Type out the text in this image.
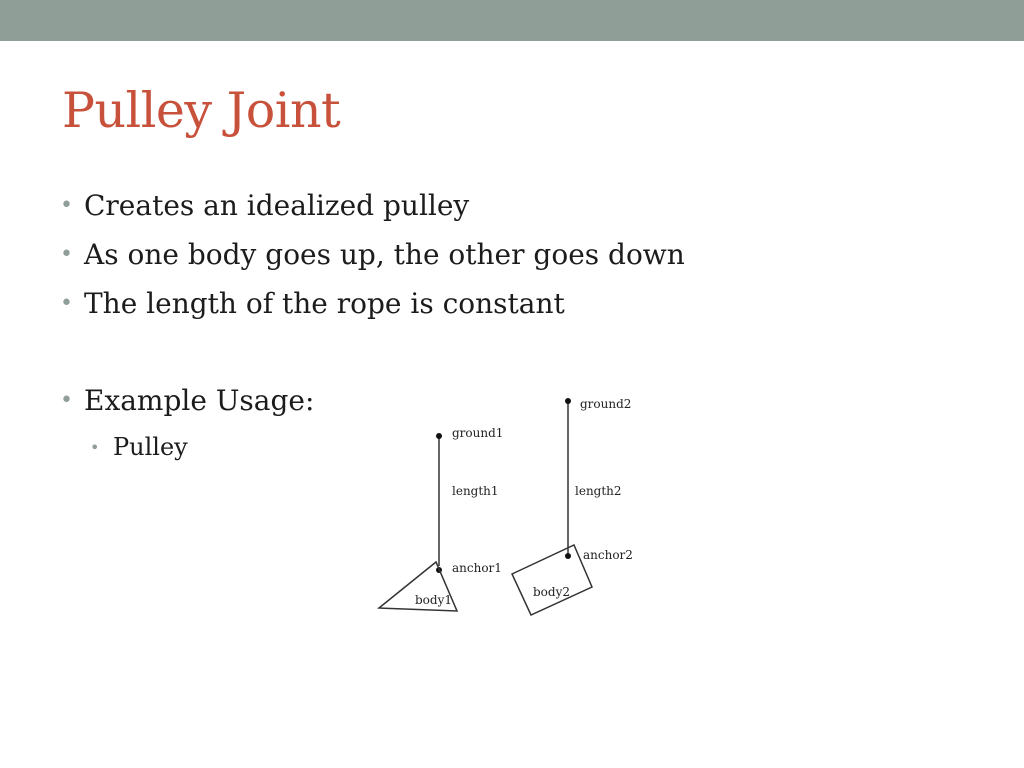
Pulley Joint
• Creates an idealized pulley
• As one body goes up, the other goes down
• The length of the rope is constant
• Example Usage:
• Pulley	ground1
length1
anchor1
body1
ground2
length2
anchor2
body2
